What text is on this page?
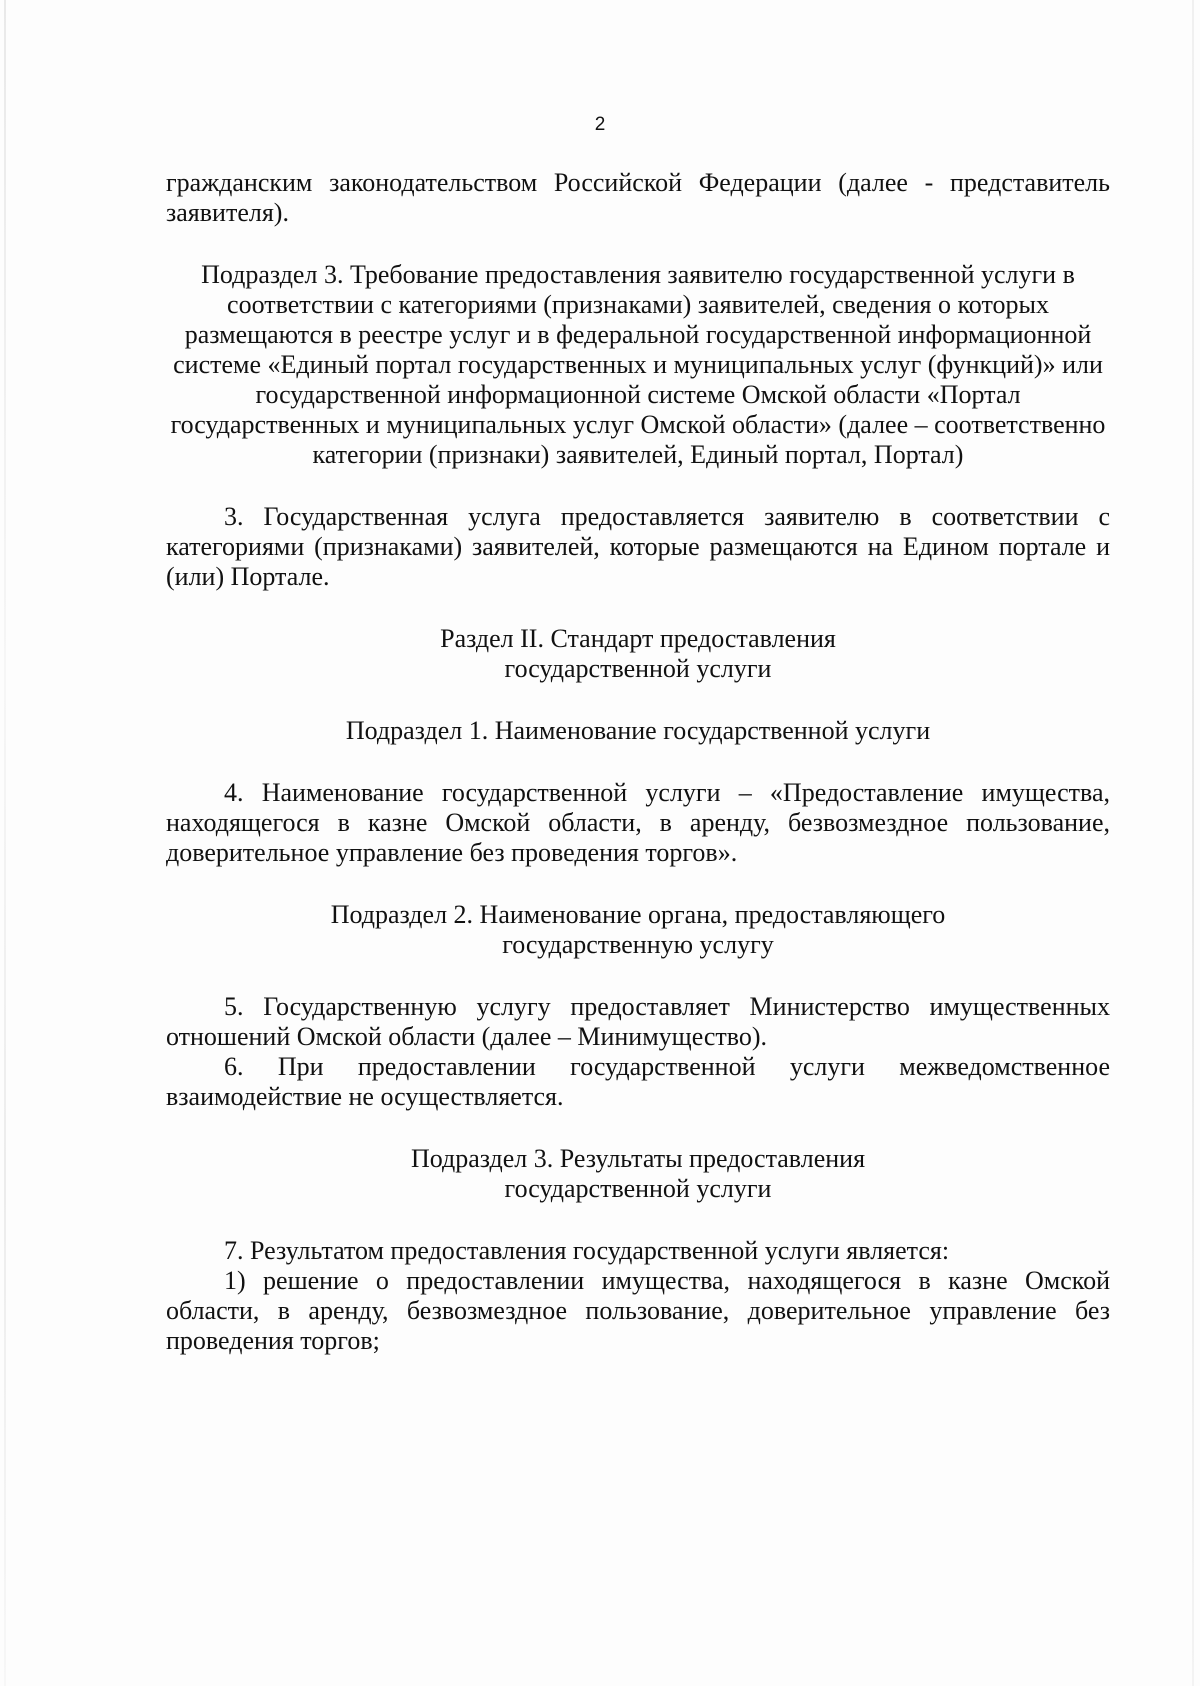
2

гражданским законодательством Российской Федерации (далее - представитель заявителя).

Подраздел 3. Требование предоставления заявителю государственной услуги в соответствии с категориями (признаками) заявителей, сведения о которых размещаются в реестре услуг и в федеральной государственной информационной системе «Единый портал государственных и муниципальных услуг (функций)» или государственной информационной системе Омской области «Портал государственных и муниципальных услуг Омской области» (далее – соответственно категории (признаки) заявителей, Единый портал, Портал)

3. Государственная услуга предоставляется заявителю в соответствии с категориями (признаками) заявителей, которые размещаются на Едином портале и (или) Портале.

Раздел II. Стандарт предоставления

государственной услуги

Подраздел 1. Наименование государственной услуги

4. Наименование государственной услуги – «Предоставление имущества, находящегося в казне Омской области, в аренду, безвозмездное пользование, доверительное управление без проведения торгов».

Подраздел 2. Наименование органа, предоставляющего

государственную услугу

5. Государственную услугу предоставляет Министерство имущественных отношений Омской области (далее – Минимущество).

6. При предоставлении государственной услуги межведомственное взаимодействие не осуществляется.

Подраздел 3. Результаты предоставления

государственной услуги

7. Результатом предоставления государственной услуги является:

1) решение о предоставлении имущества, находящегося в казне Омской области, в аренду, безвозмездное пользование, доверительное управление без проведения торгов;
